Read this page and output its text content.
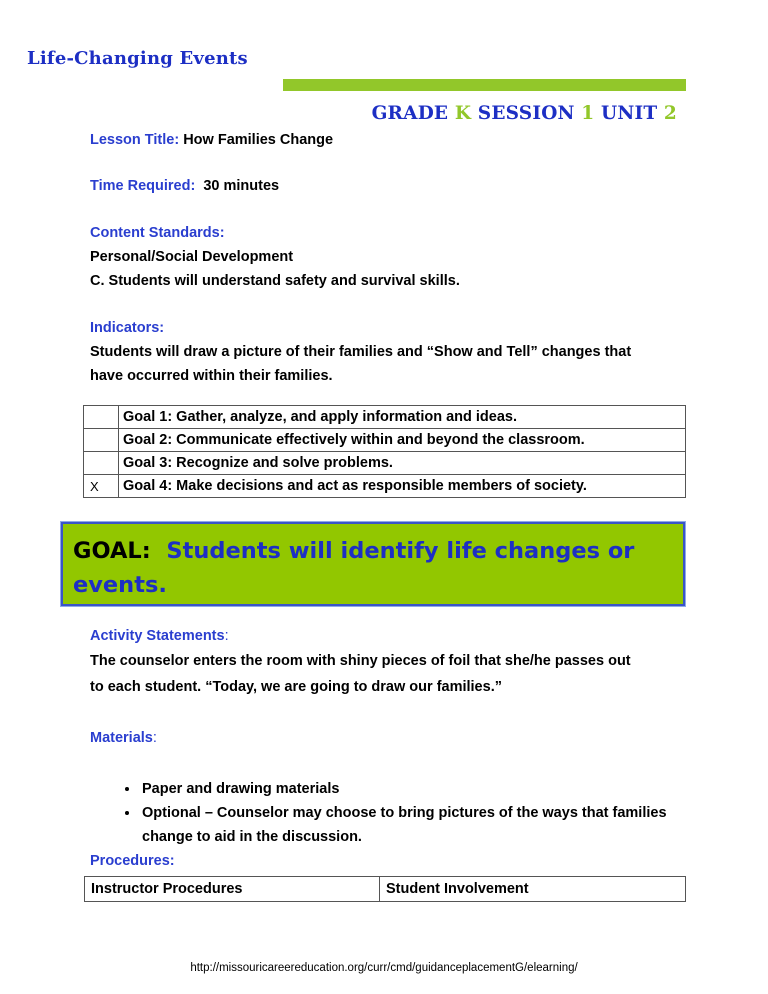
Life-Changing Events
GRADE K SESSION 1 UNIT 2
Lesson Title: How Families Change
Time Required: 30 minutes
Content Standards:
Personal/Social Development
C. Students will understand safety and survival skills.
Indicators:
Students will draw a picture of their families and “Show and Tell” changes that
have occurred within their families.
	Goal 1: Gather, analyze, and apply information and ideas.
	Goal 2: Communicate effectively within and beyond the classroom.
	Goal 3: Recognize and solve problems.
X	Goal 4: Make decisions and act as responsible members of society.
GOAL: Students will identify life changes or events.
Activity Statements:
The counselor enters the room with shiny pieces of foil that she/he passes out
to each student. “Today, we are going to draw our families.”
Materials:
• Paper and drawing materials
• Optional – Counselor may choose to bring pictures of the ways that families change to aid in the discussion.
Procedures:
Instructor Procedures	Student Involvement
http://missouricareereducation.org/curr/cmd/guidanceplacementG/elearning/
